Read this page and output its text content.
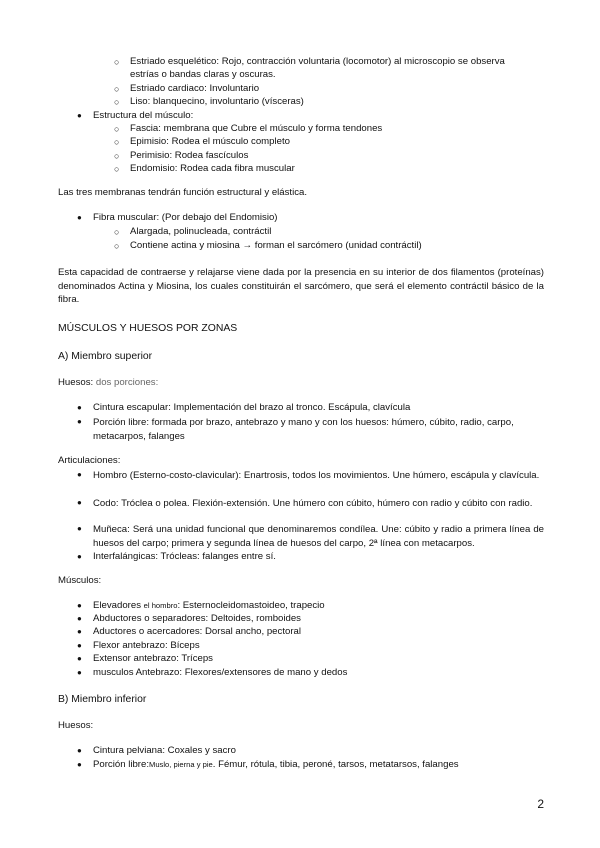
○ Estriado esquelético: Rojo, contracción voluntaria (locomotor) al microscopio se observa
estrías o bandas claras y oscuras.
○ Estriado cardiaco: Involuntario
○ Liso: blanquecino, involuntario (vísceras)
● Estructura del músculo:
○ Fascia: membrana que Cubre el músculo y forma tendones
○ Epimisio: Rodea el músculo completo
○ Perimisio: Rodea fascículos
○ Endomisio: Rodea cada fibra muscular
Las tres membranas tendrán función estructural y elástica.
● Fibra muscular: (Por debajo del Endomisio)
○ Alargada, polinucleada, contráctil
○ Contiene actina y miosina → forman el sarcómero (unidad contráctil)
Esta capacidad de contraerse y relajarse viene dada por la presencia en su interior de dos filamentos (proteínas) denominados Actina y Miosina, los cuales constituirán el sarcómero, que será el elemento contráctil básico de la fibra.
MÚSCULOS Y HUESOS POR ZONAS
A) Miembro superior
Huesos: dos porciones:
● Cintura escapular: Implementación del brazo al tronco. Escápula, clavícula
● Porción libre: formada por brazo, antebrazo y mano y con los huesos: húmero, cúbito, radio, carpo, metacarpos, falanges
Articulaciones:
● Hombro (Esterno-costo-clavicular): Enartrosis, todos los movimientos. Une húmero, escápula y clavícula.
● Codo: Tróclea o polea. Flexión-extensión. Une húmero con cúbito, húmero con radio y cúbito con radio.
● Muñeca: Será una unidad funcional que denominaremos condílea. Une: cúbito y radio a primera línea de huesos del carpo; primera y segunda línea de huesos del carpo, 2ª línea con metacarpos.
● Interfalángicas: Trócleas: falanges entre sí.
Músculos:
● Elevadores el hombro: Esternocleidomastoideo, trapecio
● Abductores o separadores: Deltoides, romboides
● Aductores o acercadores: Dorsal ancho, pectoral
● Flexor antebrazo: Bíceps
● Extensor antebrazo: Tríceps
● musculos Antebrazo: Flexores/extensores de mano y dedos
B) Miembro inferior
Huesos:
● Cintura pelviana: Coxales y sacro
● Porción libre:Muslo, pierna y pie. Fémur, rótula, tibia, peroné, tarsos, metatarsos, falanges
2
